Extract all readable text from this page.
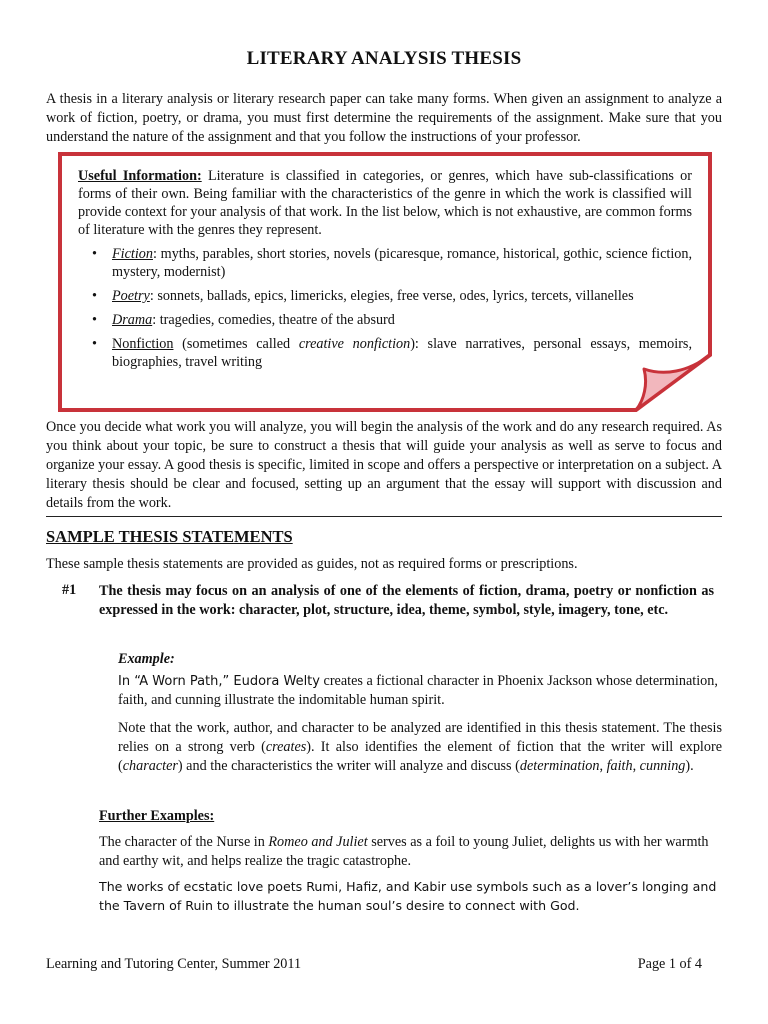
LITERARY ANALYSIS THESIS
A thesis in a literary analysis or literary research paper can take many forms. When given an assignment to analyze a work of fiction, poetry, or drama, you must first determine the requirements of the assignment. Make sure that you understand the nature of the assignment and that you follow the instructions of your professor.
Useful Information: Literature is classified in categories, or genres, which have sub-classifications or forms of their own. Being familiar with the characteristics of the genre in which the work is classified will provide context for your analysis of that work. In the list below, which is not exhaustive, are common forms of literature with the genres they represent.
• Fiction: myths, parables, short stories, novels (picaresque, romance, historical, gothic, science fiction, mystery, modernist)
• Poetry: sonnets, ballads, epics, limericks, elegies, free verse, odes, lyrics, tercets, villanelles
• Drama: tragedies, comedies, theatre of the absurd
• Nonfiction (sometimes called creative nonfiction): slave narratives, personal essays, memoirs, biographies, travel writing
Once you decide what work you will analyze, you will begin the analysis of the work and do any research required. As you think about your topic, be sure to construct a thesis that will guide your analysis as well as serve to focus and organize your essay. A good thesis is specific, limited in scope and offers a perspective or interpretation on a subject. A literary thesis should be clear and focused, setting up an argument that the essay will support with discussion and details from the work.
SAMPLE THESIS STATEMENTS
These sample thesis statements are provided as guides, not as required forms or prescriptions.
#1 The thesis may focus on an analysis of one of the elements of fiction, drama, poetry or nonfiction as expressed in the work: character, plot, structure, idea, theme, symbol, style, imagery, tone, etc.
Example:
In “A Worn Path,” Eudora Welty creates a fictional character in Phoenix Jackson whose determination, faith, and cunning illustrate the indomitable human spirit.
Note that the work, author, and character to be analyzed are identified in this thesis statement. The thesis relies on a strong verb (creates). It also identifies the element of fiction that the writer will explore (character) and the characteristics the writer will analyze and discuss (determination, faith, cunning).
Further Examples:
The character of the Nurse in Romeo and Juliet serves as a foil to young Juliet, delights us with her warmth and earthy wit, and helps realize the tragic catastrophe.
The works of ecstatic love poets Rumi, Hafiz, and Kabir use symbols such as a lover’s longing and the Tavern of Ruin to illustrate the human soul’s desire to connect with God.
Learning and Tutoring Center, Summer 2011	Page 1 of 4
